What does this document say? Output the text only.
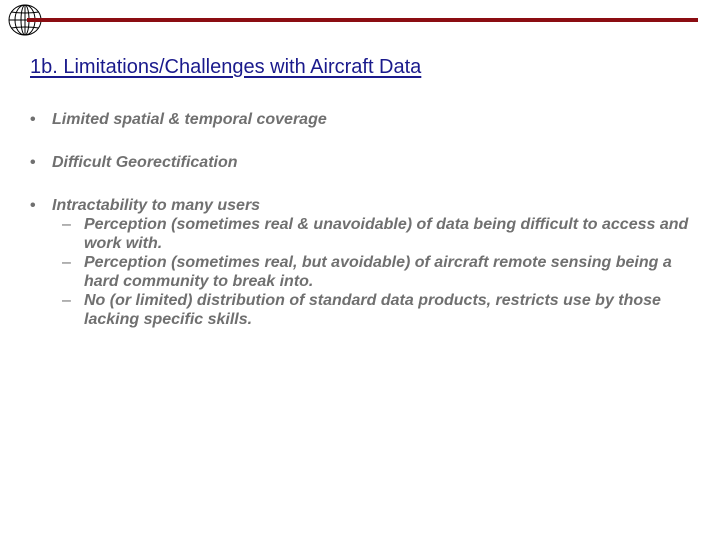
1b. Limitations/Challenges with Aircraft Data
•	Limited spatial & temporal coverage
•	Difficult Georectification
•	Intractability to many users
– Perception (sometimes real & unavoidable) of data being difficult to access and work with.
– Perception (sometimes real, but avoidable) of aircraft remote sensing being a hard community to break into.
– No (or limited) distribution of standard data products, restricts use by those lacking specific skills.
